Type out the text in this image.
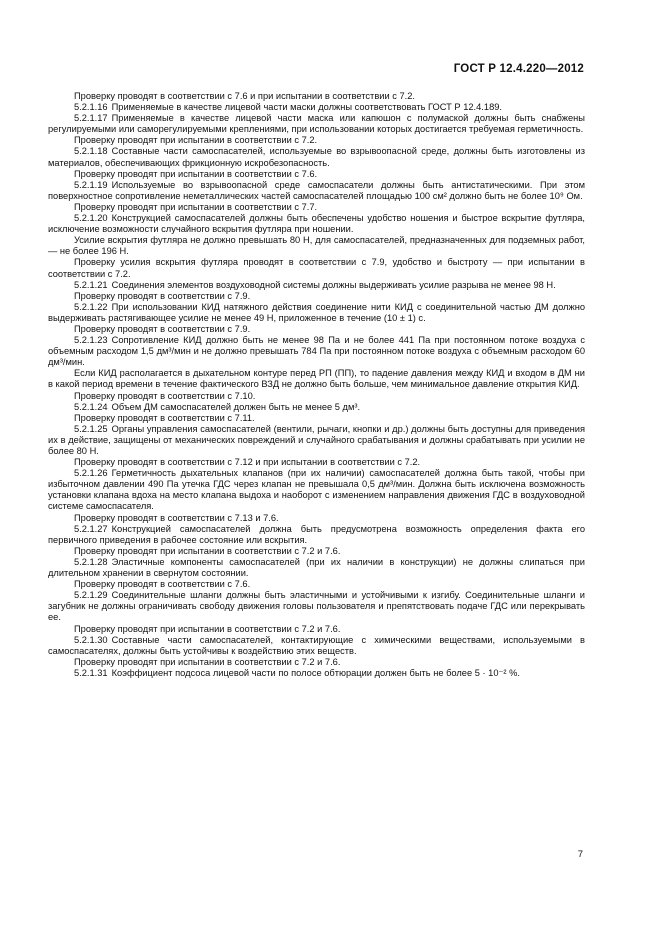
ГОСТ Р 12.4.220—2012

Проверку проводят в соответствии с 7.6 и при испытании в соответствии с 7.2.

5.2.1.16 Применяемые в качестве лицевой части маски должны соответствовать ГОСТ Р 12.4.189.

5.2.1.17 Применяемые в качестве лицевой части маска или капюшон с полумаской должны быть снабжены регулируемыми или саморегулируемыми креплениями, при использовании которых достигается требуемая герметичность.

Проверку проводят при испытании в соответствии с 7.2.

5.2.1.18 Составные части самоспасателей, используемые во взрывоопасной среде, должны быть изготовлены из материалов, обеспечивающих фрикционную искробезопасность.

Проверку проводят при испытании в соответствии с 7.6.

5.2.1.19 Используемые во взрывоопасной среде самоспасатели должны быть антистатическими. При этом поверхностное сопротивление неметаллических частей самоспасателей площадью 100 см² должно быть не более 10⁹ Ом.

Проверку проводят при испытании в соответствии с 7.7.

5.2.1.20 Конструкцией самоспасателей должны быть обеспечены удобство ношения и быстрое вскрытие футляра, исключение возможности случайного вскрытия футляра при ношении.

Усилие вскрытия футляра не должно превышать 80 Н, для самоспасателей, предназначенных для подземных работ, — не более 196 Н.

Проверку усилия вскрытия футляра проводят в соответствии с 7.9, удобство и быстроту — при испытании в соответствии с 7.2.

5.2.1.21 Соединения элементов воздуховодной системы должны выдерживать усилие разрыва не менее 98 Н.

Проверку проводят в соответствии с 7.9.

5.2.1.22 При использовании КИД натяжного действия соединение нити КИД с соединительной частью ДМ должно выдерживать растягивающее усилие не менее 49 Н, приложенное в течение (10 ± 1) с.

Проверку проводят в соответствии с 7.9.

5.2.1.23 Сопротивление КИД должно быть не менее 98 Па и не более 441 Па при постоянном потоке воздуха с объемным расходом 1,5 дм³/мин и не должно превышать 784 Па при постоянном потоке воздуха с объемным расходом 60 дм³/мин.

Если КИД располагается в дыхательном контуре перед РП (ПП), то падение давления между КИД и входом в ДМ ни в какой период времени в течение фактического ВЗД не должно быть больше, чем минимальное давление открытия КИД.

Проверку проводят в соответствии с 7.10.

5.2.1.24 Объем ДМ самоспасателей должен быть не менее 5 дм³.

Проверку проводят в соответствии с 7.11.

5.2.1.25 Органы управления самоспасателей (вентили, рычаги, кнопки и др.) должны быть доступны для приведения их в действие, защищены от механических повреждений и случайного срабатывания и должны срабатывать при усилии не более 80 Н.

Проверку проводят в соответствии с 7.12 и при испытании в соответствии с 7.2.

5.2.1.26 Герметичность дыхательных клапанов (при их наличии) самоспасателей должна быть такой, чтобы при избыточном давлении 490 Па утечка ГДС через клапан не превышала 0,5 дм³/мин. Должна быть исключена возможность установки клапана вдоха на место клапана выдоха и наоборот с изменением направления движения ГДС в воздуховодной системе самоспасателя.

Проверку проводят в соответствии с 7.13 и 7.6.

5.2.1.27 Конструкцией самоспасателей должна быть предусмотрена возможность определения факта его первичного приведения в рабочее состояние или вскрытия.

Проверку проводят при испытании в соответствии с 7.2 и 7.6.

5.2.1.28 Эластичные компоненты самоспасателей (при их наличии в конструкции) не должны слипаться при длительном хранении в свернутом состоянии.

Проверку проводят в соответствии с 7.6.

5.2.1.29 Соединительные шланги должны быть эластичными и устойчивыми к изгибу. Соединительные шланги и загубник не должны ограничивать свободу движения головы пользователя и препятствовать подаче ГДС или перекрывать ее.

Проверку проводят при испытании в соответствии с 7.2 и 7.6.

5.2.1.30 Составные части самоспасателей, контактирующие с химическими веществами, используемыми в самоспасателях, должны быть устойчивы к воздействию этих веществ.

Проверку проводят при испытании в соответствии с 7.2 и 7.6.

5.2.1.31 Коэффициент подсоса лицевой части по полосе обтюрации должен быть не более 5 · 10⁻² %.

7
